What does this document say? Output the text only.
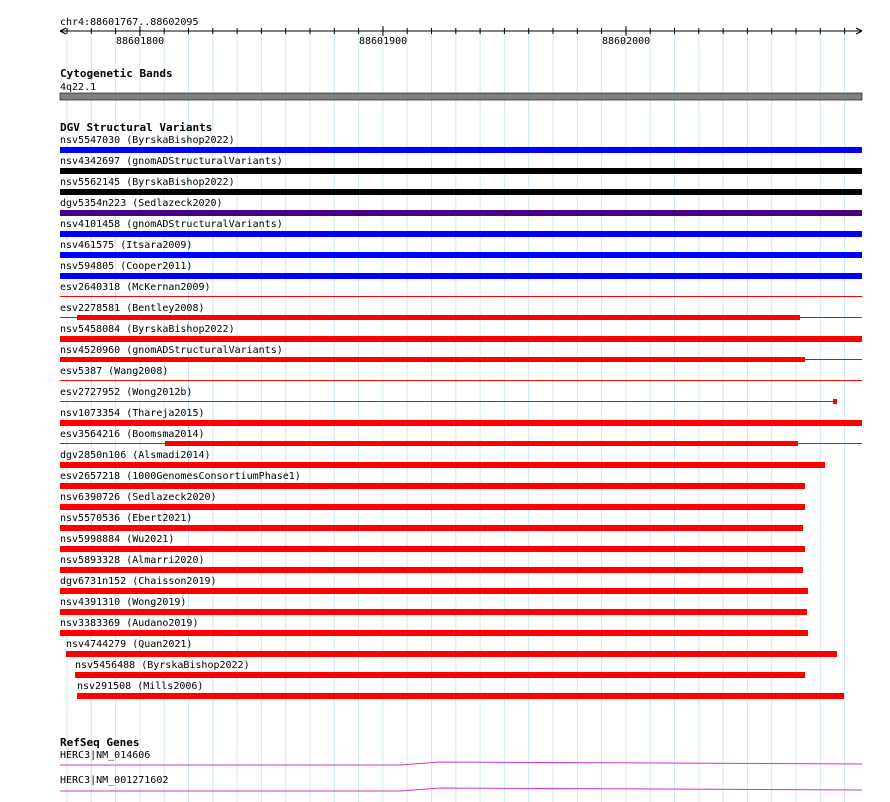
chr4:88601767..88602095
88601800	88601900	88602000
Cytogenetic Bands
4q22.1
DGV Structural Variants
nsv5547030 (ByrskaBishop2022)
nsv4342697 (gnomADStructuralVariants)
nsv5562145 (ByrskaBishop2022)
dgv5354n223 (Sedlazeck2020)
nsv4101458 (gnomADStructuralVariants)
nsv461575 (Itsara2009)
nsv594805 (Cooper2011)
esv2640318 (McKernan2009)
esv2278581 (Bentley2008)
nsv5458084 (ByrskaBishop2022)
nsv4520960 (gnomADStructuralVariants)
esv5387 (Wang2008)
esv2727952 (Wong2012b)
nsv1073354 (Thareja2015)
esv3564216 (Boomsma2014)
dgv2850n106 (Alsmadi2014)
esv2657218 (1000GenomesConsortiumPhase1)
nsv6390726 (Sedlazeck2020)
nsv5570536 (Ebert2021)
nsv5998884 (Wu2021)
nsv5893328 (Almarri2020)
dgv6731n152 (Chaisson2019)
nsv4391310 (Wong2019)
nsv3383369 (Audano2019)
nsv4744279 (Quan2021)
nsv5456488 (ByrskaBishop2022)
nsv291508 (Mills2006)
RefSeq Genes
HERC3|NM_014606
HERC3|NM_001271602
